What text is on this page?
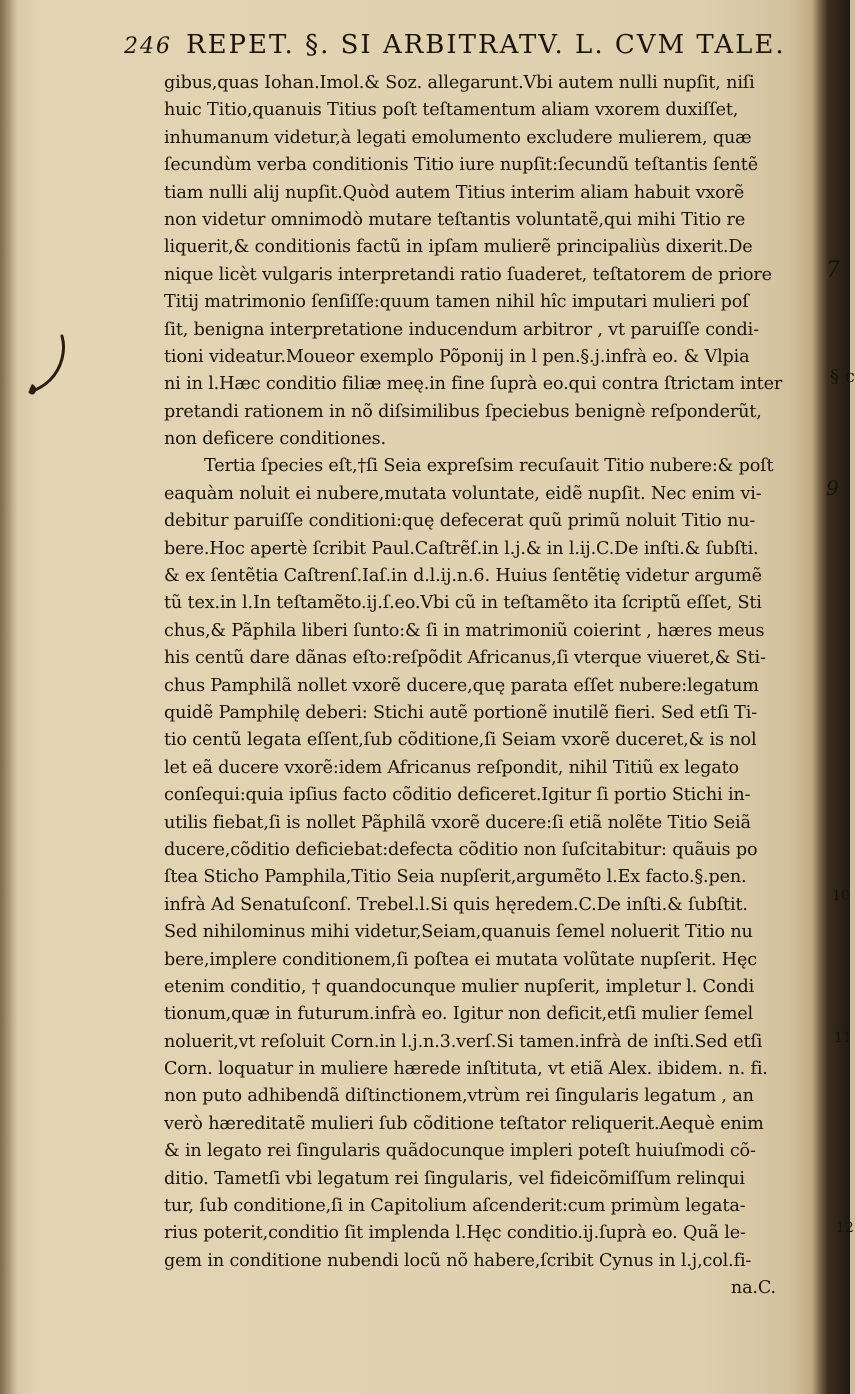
246 REPET. §. SI ARBITRATV. L. CVM TALE.
gibus,quas Iohan.Imol.& Soz. allegarunt.Vbi autem nulli nupſit, niſi
huic Titio,quanuis Titius poſt teſtamentum aliam vxorem duxiſſet,
inhumanum videtur,à legati emolumento excludere mulierem, quæ
ſecundùm verba conditionis Titio iure nupſit:ſecundũ teſtantis ſentẽ
tiam nulli alij nupſit.Quòd autem Titius interim aliam habuit vxorẽ
non videtur omnimodò mutare teſtantis voluntatẽ,qui mihi Titio re
liquerit,& conditionis factũ in ipſam mulierẽ principaliùs dixerit.De
nique licèt vulgaris interpretandi ratio ſuaderet, teſtatorem de priore
Titij matrimonio ſenſiſſe:quum tamen nihil hîc imputari mulieri poſ
ſit, benigna interpretatione inducendum arbitror , vt paruiſſe condi-
tioni videatur.Moueor exemplo Põponij in l pen.§.j.infrà eo. & Vlpia
ni in l.Hæc conditio filiæ meę.in fine ſuprà eo.qui contra ſtrictam inter
pretandi rationem in nõ diſsimilibus ſpeciebus benignè reſponderũt,
non deficere conditiones.
Tertia ſpecies eſt,†ſi Seia expreſsim recuſauit Titio nubere:& poſt
eaquàm noluit ei nubere,mutata voluntate, eidẽ nupſit. Nec enim vi-
debitur paruiſſe conditioni:quę defecerat quũ primũ noluit Titio nu-
bere.Hoc apertè ſcribit Paul.Caſtrẽſ.in l.j.& in l.ij.C.De inſti.& ſubſti.
& ex ſentẽtia Caſtrenſ.Iaſ.in d.l.ij.n.6. Huius ſentẽtię videtur argumẽ
tũ tex.in l.In teſtamẽto.ij.ſ.eo.Vbi cũ in teſtamẽto ita ſcriptũ eſſet, Sti
chus,& Pãphila liberi ſunto:& ſi in matrimoniũ coierint , hæres meus
his centũ dare dãnas eſto:reſpõdit Africanus,ſi vterque viueret,& Sti-
chus Pamphilã nollet vxorẽ ducere,quę parata eſſet nubere:legatum
quidẽ Pamphilę deberi: Stichi autẽ portionẽ inutilẽ fieri. Sed etſi Ti-
tio centũ legata eſſent,ſub cõditione,ſi Seiam vxorẽ duceret,& is nol
let eã ducere vxorẽ:idem Africanus reſpondit, nihil Titiũ ex legato
conſequi:quia ipſius facto cõditio deficeret.Igitur ſi portio Stichi in-
utilis fiebat,ſi is nollet Pãphilã vxorẽ ducere:ſi etiã nolẽte Titio Seiã
ducere,cõditio deficiebat:defecta cõditio non ſuſcitabitur: quãuis po
ſtea Sticho Pamphila,Titio Seia nupſerit,argumẽto l.Ex facto.§.pen.
infrà Ad Senatuſconſ. Trebel.l.Si quis hęredem.C.De inſti.& ſubſtit.
Sed nihilominus mihi videtur,Seiam,quanuis ſemel noluerit Titio nu
bere,implere conditionem,ſi poſtea ei mutata volũtate nupſerit. Hęc
etenim conditio, † quandocunque mulier nupſerit, impletur l. Condi
tionum,quæ in futurum.infrà eo. Igitur non deficit,etſi mulier ſemel
noluerit,vt reſoluit Corn.in l.j.n.3.verſ.Si tamen.infrà de inſti.Sed etſi
Corn. loquatur in muliere hærede inſtituta, vt etiã Alex. ibidem. n. fi.
non puto adhibendã diſtinctionem,vtrùm rei ſingularis legatum , an
verò hæreditatẽ mulieri ſub cõditione teſtator reliquerit.Aequè enim
& in legato rei ſingularis quãdocunque impleri poteſt huiuſmodi cõ-
ditio. Tametſi vbi legatum rei ſingularis, vel fideicõmiſſum relinqui
tur, ſub conditione,ſi in Capitolium aſcenderit:cum primùm legata-
rius poterit,conditio ſit implenda l.Hęc conditio.ij.ſuprà eo. Quã le-
gem in conditione nubendi locũ nõ habere,ſcribit Cynus in l.j,col.fi-
na.C.
7
§ c
9
10
11
12
